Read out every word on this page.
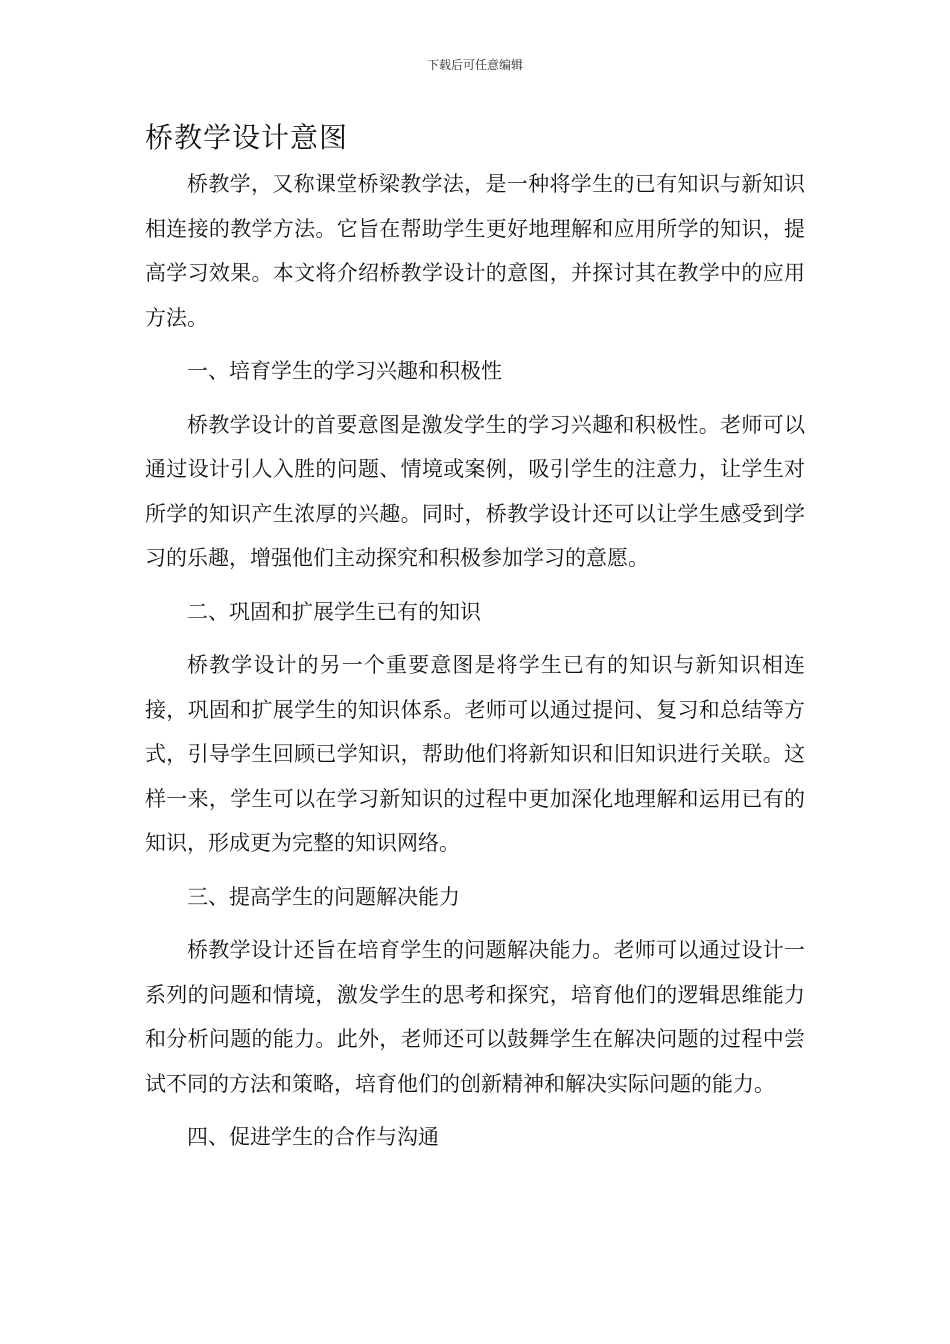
下载后可任意编辑
桥教学设计意图

桥教学，又称课堂桥梁教学法，是一种将学生的已有知识与新知识相连接的教学方法。它旨在帮助学生更好地理解和应用所学的知识，提高学习效果。本文将介绍桥教学设计的意图，并探讨其在教学中的应用方法。

一、培育学生的学习兴趣和积极性

桥教学设计的首要意图是激发学生的学习兴趣和积极性。老师可以通过设计引人入胜的问题、情境或案例，吸引学生的注意力，让学生对所学的知识产生浓厚的兴趣。同时，桥教学设计还可以让学生感受到学习的乐趣，增强他们主动探究和积极参加学习的意愿。

二、巩固和扩展学生已有的知识

桥教学设计的另一个重要意图是将学生已有的知识与新知识相连接，巩固和扩展学生的知识体系。老师可以通过提问、复习和总结等方式，引导学生回顾已学知识，帮助他们将新知识和旧知识进行关联。这样一来，学生可以在学习新知识的过程中更加深化地理解和运用已有的知识，形成更为完整的知识网络。

三、提高学生的问题解决能力

桥教学设计还旨在培育学生的问题解决能力。老师可以通过设计一系列的问题和情境，激发学生的思考和探究，培育他们的逻辑思维能力和分析问题的能力。此外，老师还可以鼓舞学生在解决问题的过程中尝试不同的方法和策略，培育他们的创新精神和解决实际问题的能力。

四、促进学生的合作与沟通
